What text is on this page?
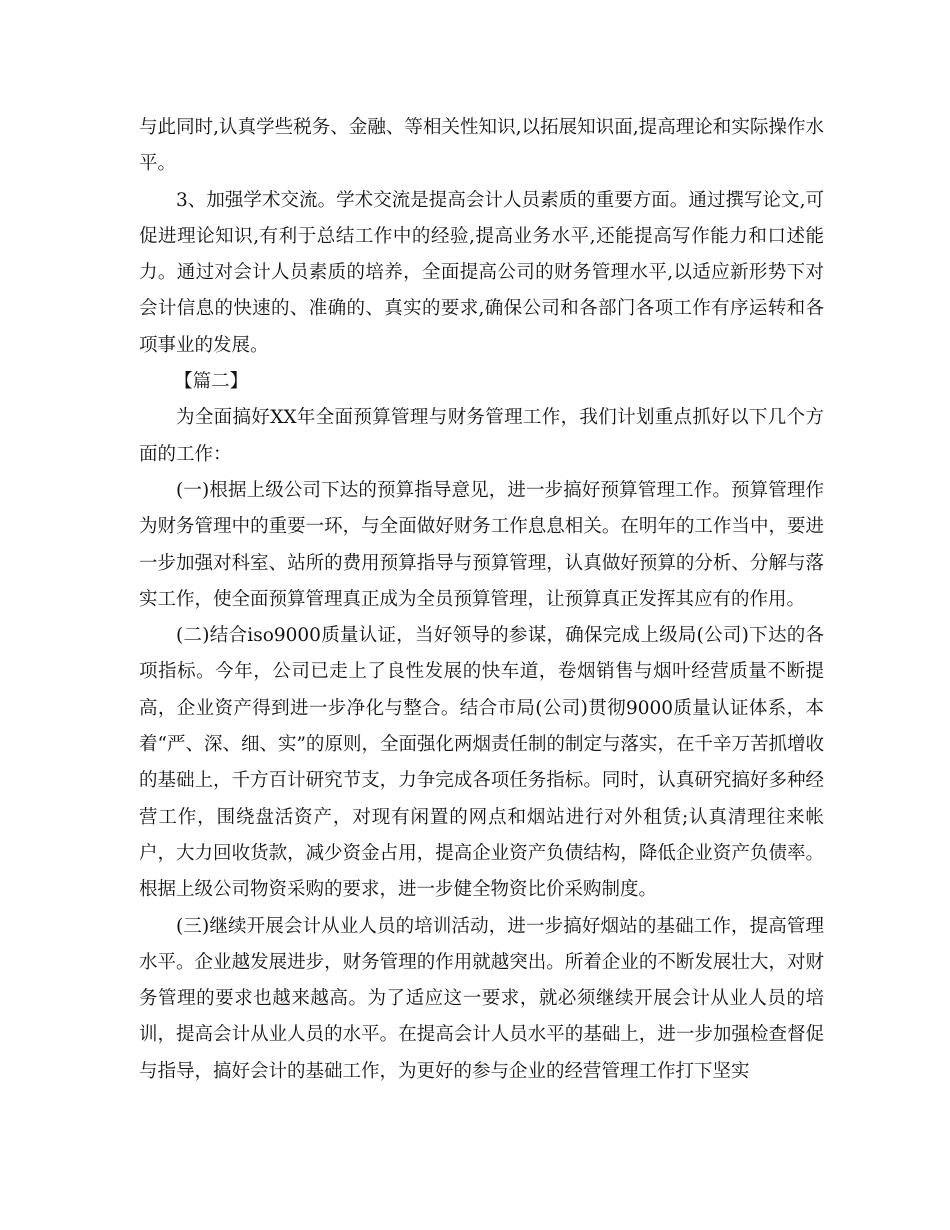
与此同时,认真学些税务、金融、等相关性知识,以拓展知识面,提高理论和实际操作水平。

3、加强学术交流。学术交流是提高会计人员素质的重要方面。通过撰写论文,可促进理论知识,有利于总结工作中的经验,提高业务水平,还能提高写作能力和口述能力。通过对会计人员素质的培养，全面提高公司的财务管理水平,以适应新形势下对会计信息的快速的、准确的、真实的要求,确保公司和各部门各项工作有序运转和各项事业的发展。

【篇二】

为全面搞好XX年全面预算管理与财务管理工作，我们计划重点抓好以下几个方面的工作：

(一)根据上级公司下达的预算指导意见，进一步搞好预算管理工作。预算管理作为财务管理中的重要一环，与全面做好财务工作息息相关。在明年的工作当中，要进一步加强对科室、站所的费用预算指导与预算管理，认真做好预算的分析、分解与落实工作，使全面预算管理真正成为全员预算管理，让预算真正发挥其应有的作用。

(二)结合iso9000质量认证，当好领导的参谋，确保完成上级局(公司)下达的各项指标。今年，公司已走上了良性发展的快车道，卷烟销售与烟叶经营质量不断提高，企业资产得到进一步净化与整合。结合市局(公司)贯彻9000质量认证体系，本着“严、深、细、实”的原则，全面强化两烟责任制的制定与落实，在千辛万苦抓增收的基础上，千方百计研究节支，力争完成各项任务指标。同时，认真研究搞好多种经营工作，围绕盘活资产，对现有闲置的网点和烟站进行对外租赁;认真清理往来帐户，大力回收货款，减少资金占用，提高企业资产负债结构，降低企业资产负债率。根据上级公司物资采购的要求，进一步健全物资比价采购制度。

(三)继续开展会计从业人员的培训活动，进一步搞好烟站的基础工作，提高管理水平。企业越发展进步，财务管理的作用就越突出。所着企业的不断发展壮大，对财务管理的要求也越来越高。为了适应这一要求，就必须继续开展会计从业人员的培训，提高会计从业人员的水平。在提高会计人员水平的基础上，进一步加强检查督促与指导，搞好会计的基础工作，为更好的参与企业的经营管理工作打下坚实
